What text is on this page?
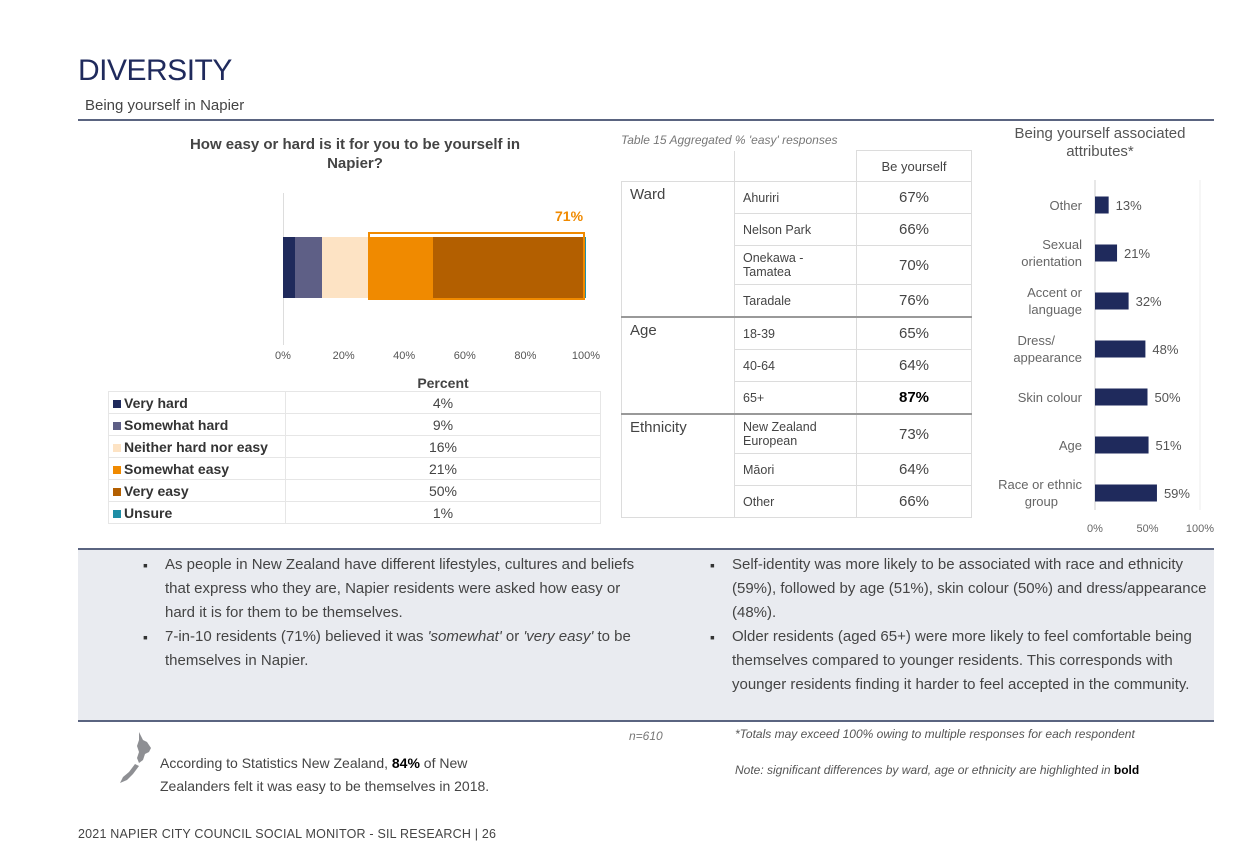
DIVERSITY
Being yourself in Napier
How easy or hard is it for you to be yourself in Napier?
71%
0%	20%	40%	60%	80%	100%
	Percent
Very hard	4%
Somewhat hard	9%
Neither hard nor easy	16%
Somewhat easy	21%
Very easy	50%
Unsure	1%
Table 15 Aggregated % 'easy' responses
		Be yourself
Ward	Ahuriri	67%
	Nelson Park	66%
	Onekawa - Tamatea	70%
	Taradale	76%
Age	18-39	65%
	40-64	64%
	65+	87%
Ethnicity	New Zealand European	73%
	Māori	64%
	Other	66%
Being yourself associated attributes*
13%
Other
21%
Sexual orientation
32%
Accent or language
48%
Dress/ appearance
50%
Skin colour
51%
Age
59%
Race or ethnic group
0%	50% 100%
▪ As people in New Zealand have different lifestyles, cultures and beliefs that express who they are, Napier residents were asked how easy or hard it is for them to be themselves.
▪ 7-in-10 residents (71%) believed it was 'somewhat' or 'very easy' to be themselves in Napier.
▪ Self-identity was more likely to be associated with race and ethnicity (59%), followed by age (51%), skin colour (50%) and dress/appearance (48%).
▪ Older residents (aged 65+) were more likely to feel comfortable being themselves compared to younger residents. This corresponds with younger residents finding it harder to feel accepted in the community.
According to Statistics New Zealand, 84% of New Zealanders felt it was easy to be themselves in 2018.
n=610	*Totals may exceed 100% owing to multiple responses for each respondent
Note: significant differences by ward, age or ethnicity are highlighted in bold
2021 NAPIER CITY COUNCIL SOCIAL MONITOR - SIL RESEARCH | 26
